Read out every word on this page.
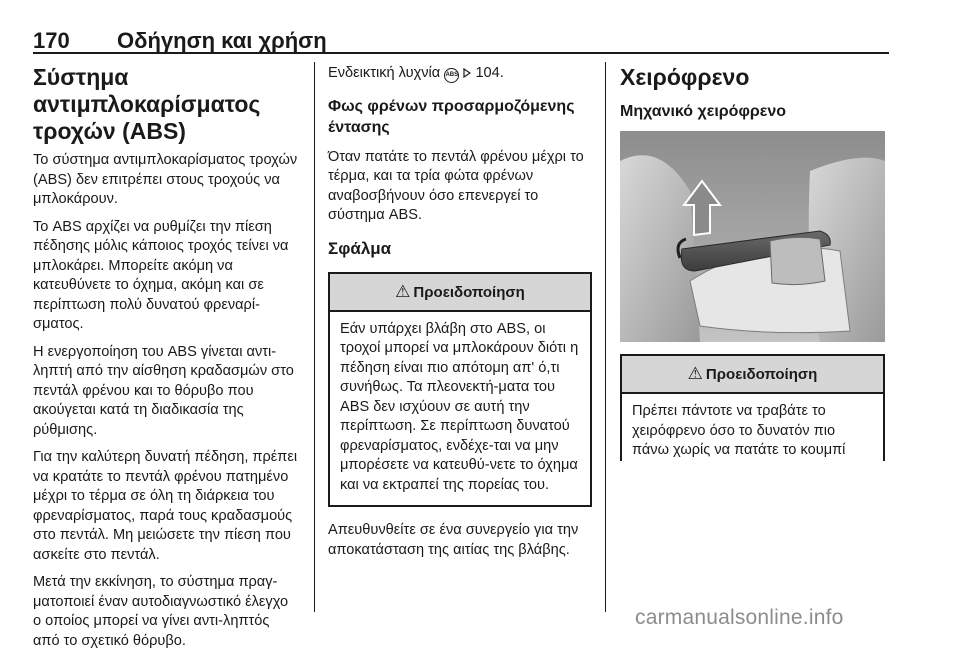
170 Οδήγηση και χρήση
Σύστημα αντιμπλοκαρίσματος τροχών (ABS)

Το σύστημα αντιμπλοκαρίσματος τροχών (ABS) δεν επιτρέπει στους τροχούς να μπλοκάρουν.

Το ABS αρχίζει να ρυθμίζει την πίεση πέδησης μόλις κάποιος τροχός τείνει να μπλοκάρει. Μπορείτε ακόμη να κατευθύνετε το όχημα, ακόμη και σε περίπτωση πολύ δυνατού φρεναρί-σματος.

Η ενεργοποίηση του ABS γίνεται αντι-ληπτή από την αίσθηση κραδασμών στο πεντάλ φρένου και το θόρυβο που ακούγεται κατά τη διαδικασία της ρύθμισης.

Για την καλύτερη δυνατή πέδηση, πρέπει να κρατάτε το πεντάλ φρένου πατημένο μέχρι το τέρμα σε όλη τη διάρκεια του φρεναρίσματος, παρά τους κραδασμούς στο πεντάλ. Μη μειώσετε την πίεση που ασκείτε στο πεντάλ.

Μετά την εκκίνηση, το σύστημα πραγ-ματοποιεί έναν αυτοδιαγνωστικό έλεγχο ο οποίος μπορεί να γίνει αντι-ληπτός από το σχετικό θόρυβο.

Ενδεικτική λυχνία ABS 104.

Φως φρένων προσαρμοζόμενης έντασης

Όταν πατάτε το πεντάλ φρένου μέχρι το τέρμα, και τα τρία φώτα φρένων αναβοσβήνουν όσο επενεργεί το σύστημα ABS.

Σφάλμα
⚠ Προειδοποίηση
Εάν υπάρχει βλάβη στο ABS, οι τροχοί μπορεί να μπλοκάρουν διότι η πέδηση είναι πιο απότομη απ' ό,τι συνήθως. Τα πλεονεκτή-ματα του ABS δεν ισχύουν σε αυτή την περίπτωση. Σε περίπτωση δυνατού φρεναρίσματος, ενδέχε-ται να μην μπορέσετε να κατευθύ-νετε το όχημα και να εκτραπεί της πορείας του.

Απευθυνθείτε σε ένα συνεργείο για την αποκατάσταση της αιτίας της βλάβης.

Χειρόφρενο
Μηχανικό χειρόφρενο
⚠ Προειδοποίηση
Πρέπει πάντοτε να τραβάτε το χειρόφρενο όσο το δυνατόν πιο πάνω χωρίς να πατάτε το κουμπί
carmanualsonline.info
